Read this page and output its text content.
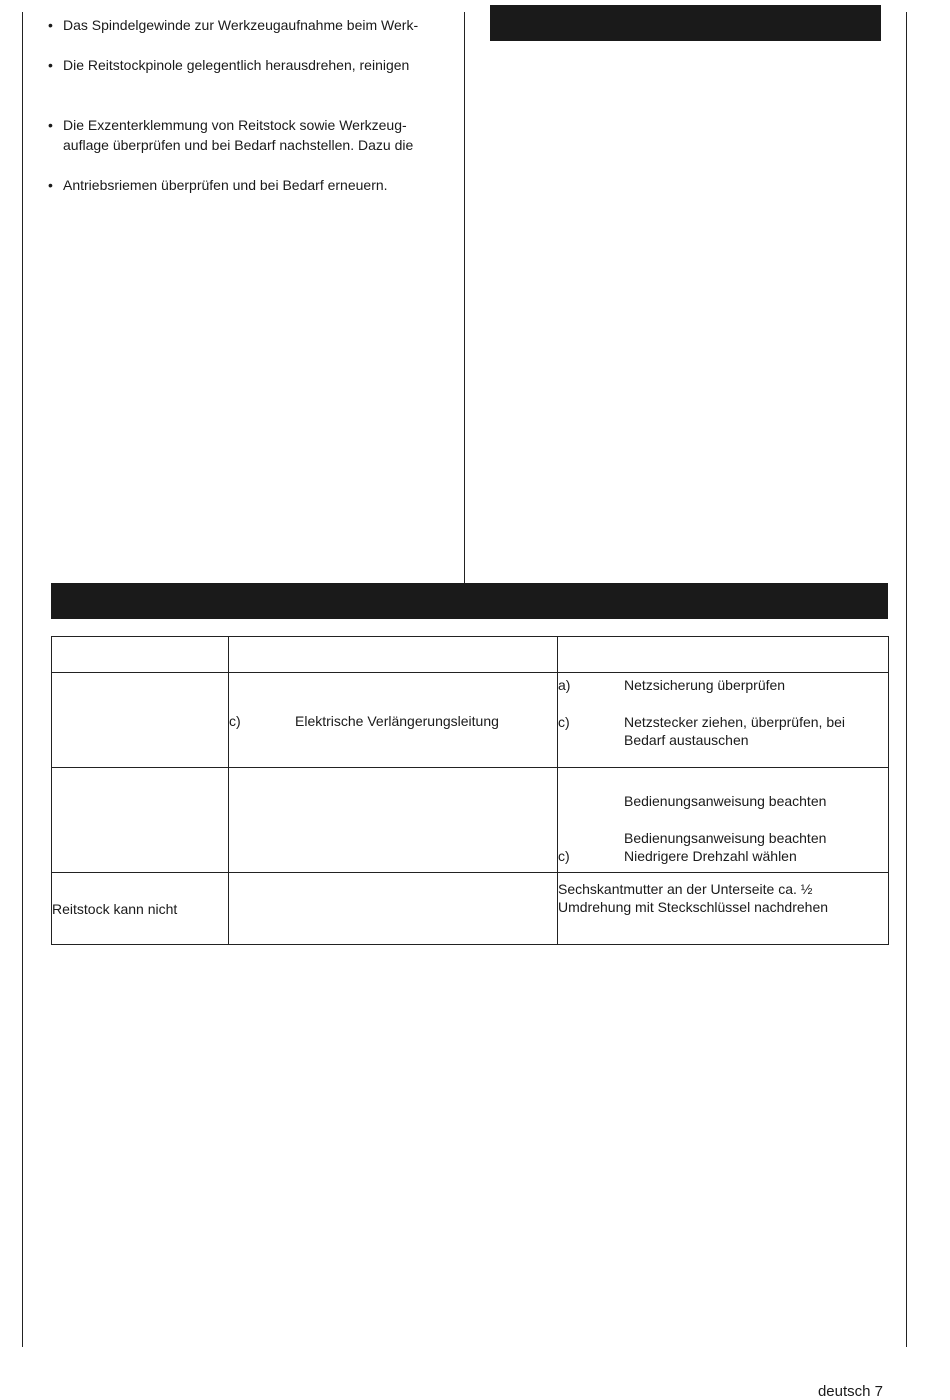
• Das Spindelgewinde zur Werkzeugaufnahme beim Werk-
• Die Reitstockpinole gelegentlich herausdrehen, reinigen
• Die Exzenterklemmung von Reitstock sowie Werkzeug-
auflage überprüfen und bei Bedarf nachstellen. Dazu die
• Antriebsriemen überprüfen und bei Bedarf erneuern.

	c) Elektrische Verlängerungsleitung	a) Netzsicherung überprüfen
c) Netzstecker ziehen, überprüfen, bei
Bedarf austauschen

		Bedienungsanweisung beachten
Bedienungsanweisung beachten
c) Niedrigere Drehzahl wählen

Reitstock kann nicht		Sechskantmutter an der Unterseite ca. ½
Umdrehung mit Steckschlüssel nachdrehen
deutsch 7
